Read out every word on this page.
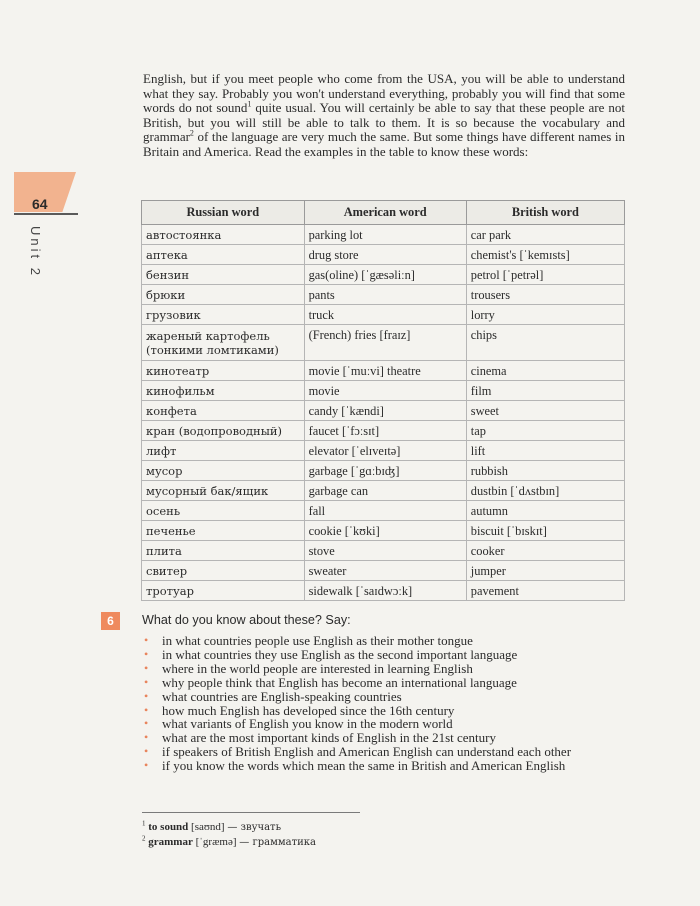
64
Unit 2

English, but if you meet people who come from the USA, you will be able to understand what they say. Probably you won't understand everything, probably you will find that some words do not sound$^1$ quite usual. You will certainly be able to say that these people are not British, but you will still be able to talk to them. It is so because the vocabulary and grammar$^2$ of the language are very much the same. But some things have different names in Britain and America. Read the examples in the table to know these words:

Russian word	American word	British word
автостоянка	parking lot	car park
аптека	drug store	chemist's [ˈkemɪsts]
бензин	gas(oline) [ˈgæsəliːn]	petrol [ˈpetrəl]
брюки	pants	trousers
грузовик	truck	lorry
жареный картофель (тонкими ломтиками)	(French) fries [fraɪz]	chips
кинотеатр	movie [ˈmuːvi] theatre	cinema
кинофильм	movie	film
конфета	candy [ˈkændi]	sweet
кран (водопроводный)	faucet [ˈfɔːsɪt]	tap
лифт	elevator [ˈelɪveɪtə]	lift
мусор	garbage [ˈgɑːbɪʤ]	rubbish
мусорный бак/ящик	garbage can	dustbin [ˈdʌstbɪn]
осень	fall	autumn
печенье	cookie [ˈkʊki]	biscuit [ˈbɪskɪt]
плита	stove	cooker
свитер	sweater	jumper
тротуар	sidewalk [ˈsaɪdwɔːk]	pavement
6	What do you know about these? Say:
• in what countries people use English as their mother tongue
• in what countries they use English as the second important language
• where in the world people are interested in learning English
• why people think that English has become an international language
• what countries are English-speaking countries
• how much English has developed since the 16th century
• what variants of English you know in the modern world
• what are the most important kinds of English in the 21st century
• if speakers of British English and American English can understand each other
• if you know the words which mean the same in British and American English
$^1$ to sound [saʊnd] — звучать
$^2$ grammar [ˈgræmə] — грамматика
